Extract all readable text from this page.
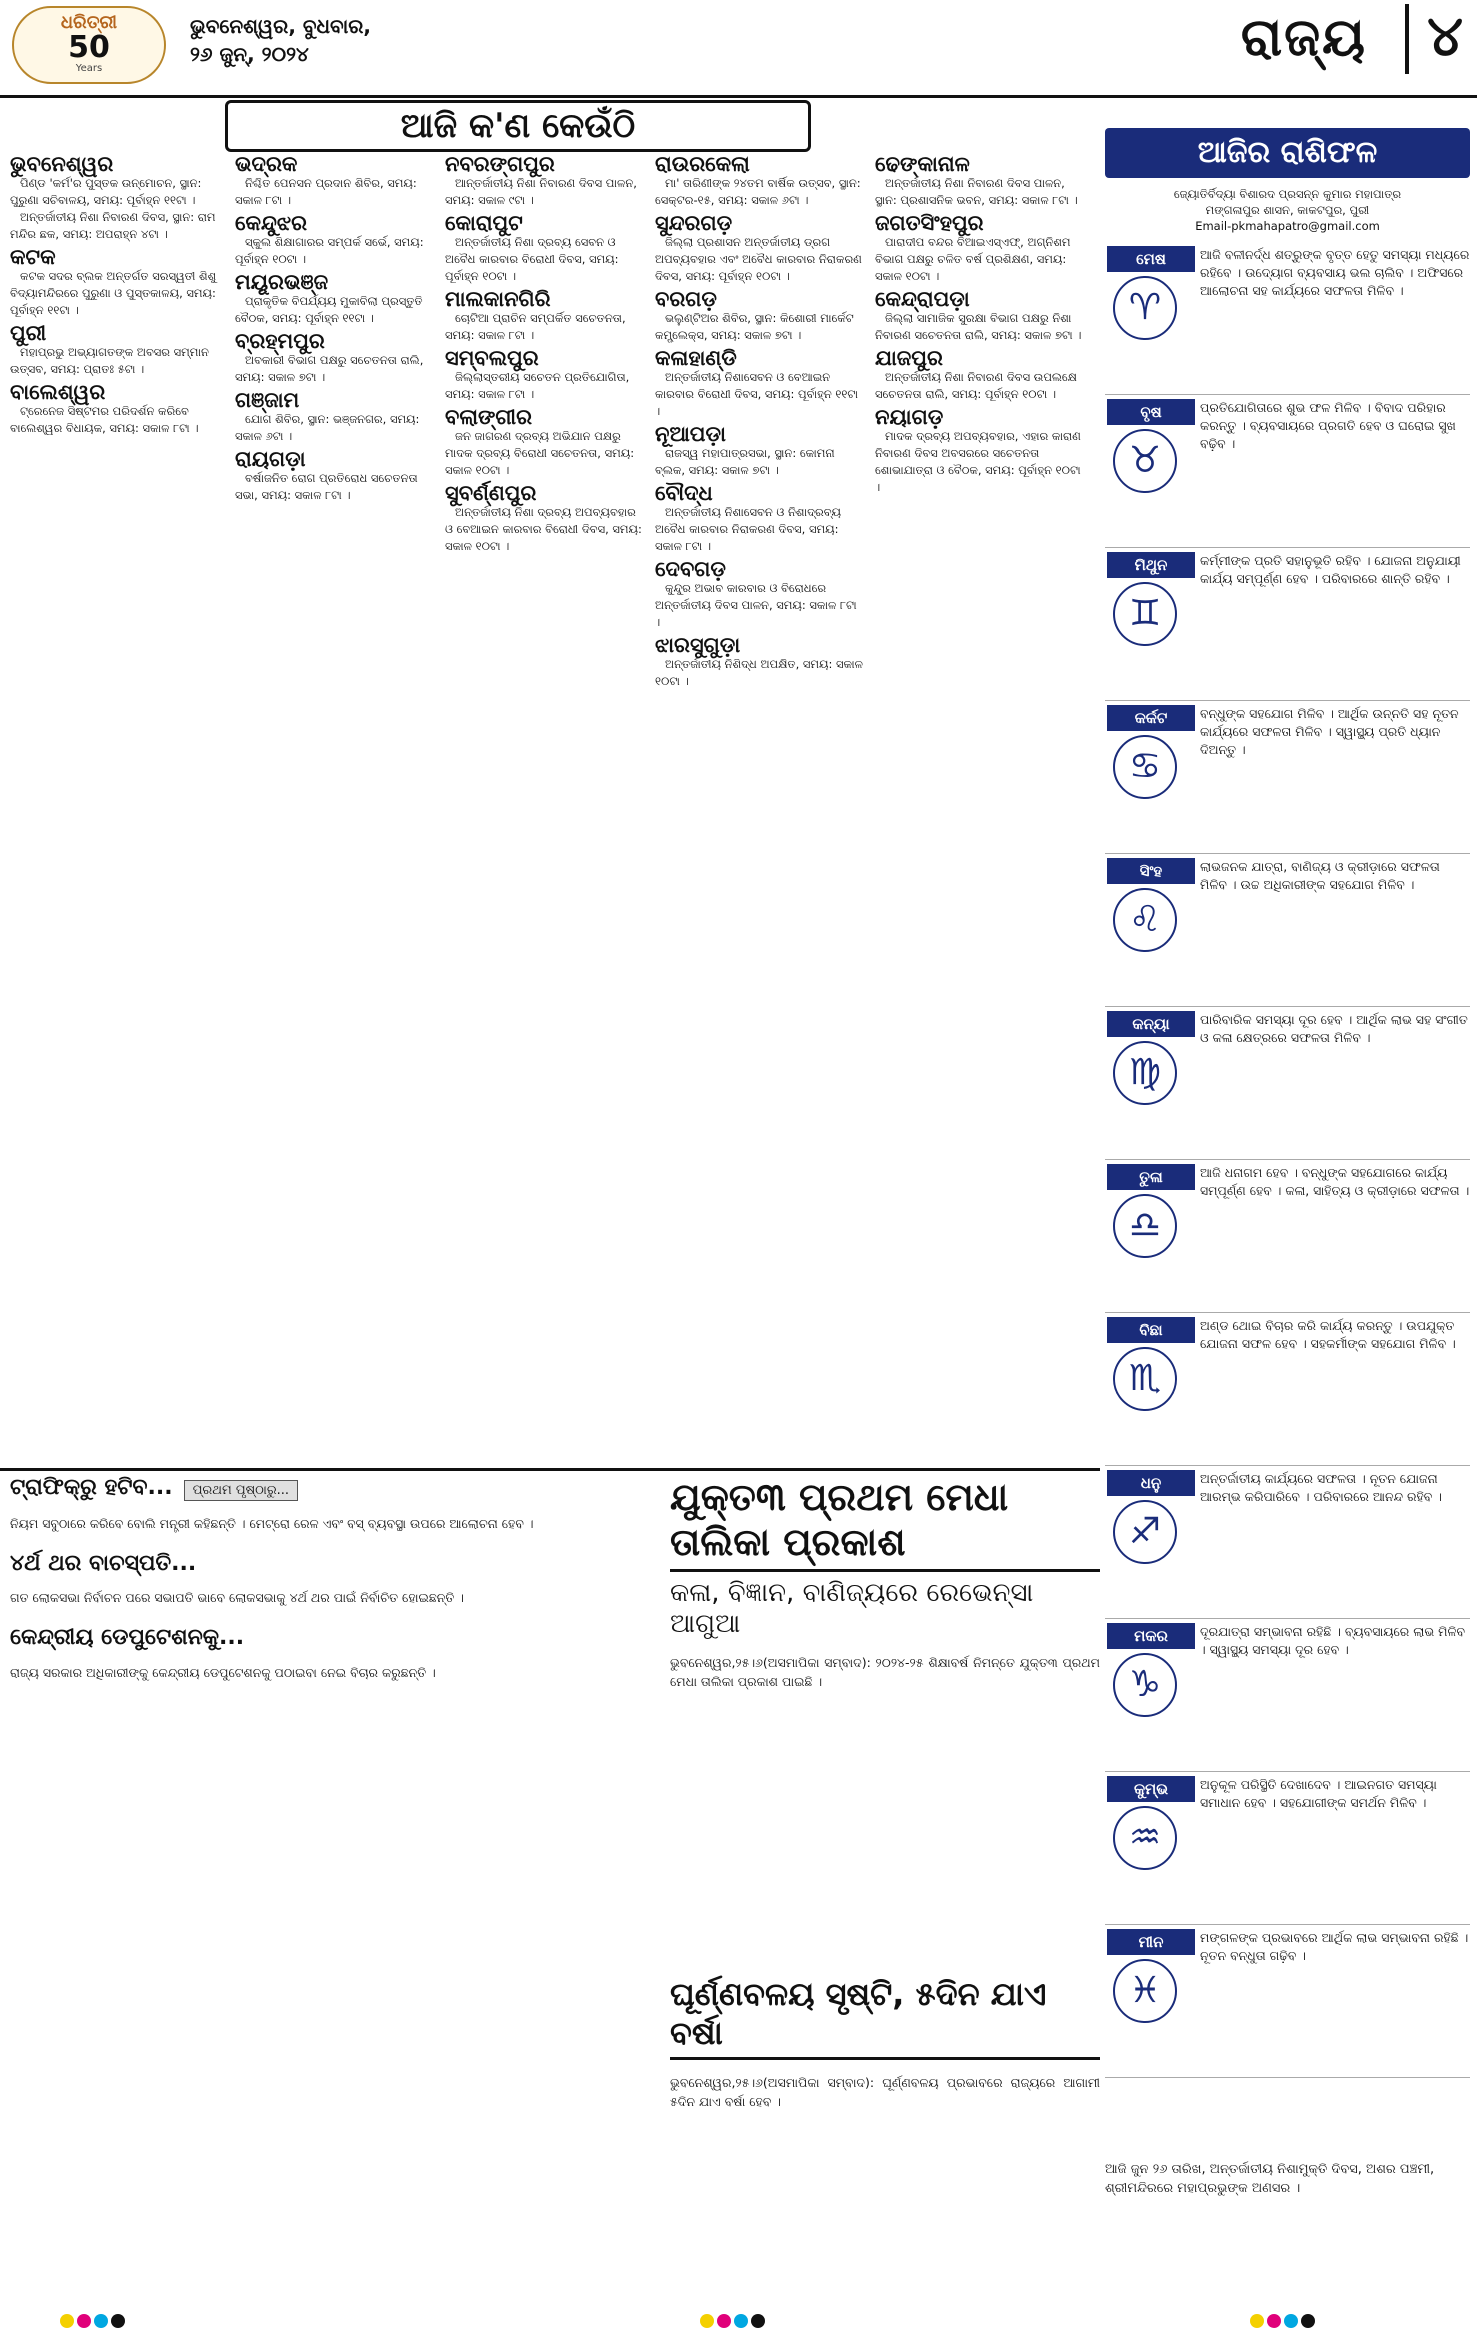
ଧରିତ୍ରୀ
50
Years
ଭୁବନେଶ୍ୱର, ବୁଧବାର,
୨୬ ଜୁନ୍, ୨୦୨୪	ରାଜ୍ୟ	୪
ଆଜି କ'ଣ କେଉଁଠି
ଭୁବନେଶ୍ୱର

ପିଣ୍ଡ 'କର୍ମ'ର ପୁସ୍ତକ ଉନ୍ମୋଚନ, ସ୍ଥାନ: ପୁରୁଣା ସଚିବାଳୟ, ସମୟ: ପୂର୍ବାହ୍ନ ୧୧ଟା ।

ଅନ୍ତର୍ଜାତୀୟ ନିଶା ନିବାରଣ ଦିବସ, ସ୍ଥାନ: ରାମ ମନ୍ଦିର ଛକ, ସମୟ: ଅପରାହ୍ନ ୪ଟା ।

କଟକ

କଟକ ସଦର ବ୍ଲକ ଅନ୍ତର୍ଗତ ସରସ୍ୱତୀ ଶିଶୁ ବିଦ୍ୟାମନ୍ଦିରରେ ପୁରୁଣା ଓ ପୁସ୍ତକାଳୟ, ସମୟ: ପୂର୍ବାହ୍ନ ୧୧ଟା ।

ପୁରୀ

ମହାପ୍ରଭୁ ଅଭ୍ୟାଗତଙ୍କ ଅବସର ସମ୍ମାନ ଉତ୍ସବ, ସମୟ: ପ୍ରାତଃ ୫ଟା ।

ବାଲେଶ୍ୱର

ଟ୍ରେନେଜ ସିଷ୍ଟମର ପରିଦର୍ଶନ କରିବେ ବାଲେଶ୍ୱର ବିଧାୟକ, ସମୟ: ସକାଳ ୮ଟା ।

ଭଦ୍ରକ

ନିଶ୍ଚିତ ପେନସନ ପ୍ରଦାନ ଶିବିର, ସମୟ: ସକାଳ ୮ଟା ।

କେନ୍ଦୁଝର

ସ୍କୁଲ ଶିକ୍ଷାଗାରର ସମ୍ପର୍କ ସର୍ଭେ, ସମୟ: ପୂର୍ବାହ୍ନ ୧୦ଟା ।

ମୟୂରଭଞ୍ଜ

ପ୍ରାକୃତିକ ବିପର୍ଯ୍ୟୟ ମୁକାବିଲା ପ୍ରସ୍ତୁତି ବୈଠକ, ସମୟ: ପୂର୍ବାହ୍ନ ୧୧ଟା ।

ବ୍ରହ୍ମପୁର

ଅବକାରୀ ବିଭାଗ ପକ୍ଷରୁ ସଚେତନତା ରାଲି, ସମୟ: ସକାଳ ୭ଟା ।

ଗଞ୍ଜାମ

ଯୋଗ ଶିବିର, ସ୍ଥାନ: ଭଞ୍ଜନଗର, ସମୟ: ସକାଳ ୬ଟା ।

ରାୟଗଡ଼ା

ବର୍ଷାଜନିତ ରୋଗ ପ୍ରତିରୋଧ ସଚେତନତା ସଭା, ସମୟ: ସକାଳ ୮ଟା ।

ନବରଙ୍ଗପୁର

ଆନ୍ତର୍ଜାତୀୟ ନିଶା ନିବାରଣ ଦିବସ ପାଳନ, ସମୟ: ସକାଳ ୯ଟା ।

କୋରାପୁଟ

ଅନ୍ତର୍ଜାତୀୟ ନିଶା ଦ୍ରବ୍ୟ ସେବନ ଓ ଅବୈଧ କାରବାର ବିରୋଧୀ ଦିବସ, ସମୟ: ପୂର୍ବାହ୍ନ ୧୦ଟା ।

ମାଲକାନଗିରି

ଚୋଟିଆ ପ୍ରାଚିନ ସମ୍ପର୍କିତ ସଚେତନତା, ସମୟ: ସକାଳ ୮ଟା ।

ସମ୍ବଲପୁର

ଜିଲ୍ଲାସ୍ତରୀୟ ସଚେତନ ପ୍ରତିଯୋଗିତା, ସମୟ: ସକାଳ ୮ଟା ।

ବଲାଙ୍ଗୀର

ଜନ ଜାଗରଣ ଦ୍ରବ୍ୟ ଅଭିଯାନ ପକ୍ଷରୁ ମାଦକ ଦ୍ରବ୍ୟ ବିରୋଧୀ ସଚେତନତା, ସମୟ: ସକାଳ ୧୦ଟା ।

ସୁବର୍ଣ୍ଣପୁର

ଅନ୍ତର୍ଜାତୀୟ ନିଶା ଦ୍ରବ୍ୟ ଅପବ୍ୟବହାର ଓ ବେଆଇନ କାରବାର ବିରୋଧୀ ଦିବସ, ସମୟ: ସକାଳ ୧୦ଟା ।

ରାଉରକେଲା

ମା' ତାରିଣୀଙ୍କ ୨୪ତମ ବାର୍ଷିକ ଉତ୍ସବ, ସ୍ଥାନ: ସେକ୍ଟର-୧୫, ସମୟ: ସକାଳ ୬ଟା ।

ସୁନ୍ଦରଗଡ଼

ଜିଲ୍ଲା ପ୍ରଶାସନ ଅନ୍ତର୍ଜାତୀୟ ଡ୍ରଗ ଅପବ୍ୟବହାର ଏବଂ ଅବୈଧ କାରବାର ନିରାକରଣ ଦିବସ, ସମୟ: ପୂର୍ବାହ୍ନ ୧୦ଟା ।

ବରଗଡ଼

ଭଲୁଣ୍ଟିଅର ଶିବିର, ସ୍ଥାନ: କିଶୋରୀ ମାର୍କେଟ କମ୍ପ୍ଲେକ୍ସ, ସମୟ: ସକାଳ ୭ଟା ।

କଳାହାଣ୍ଡି

ଅନ୍ତର୍ଜାତୀୟ ନିଶାସେବନ ଓ ବେଆଇନ କାରବାର ବିରୋଧୀ ଦିବସ, ସମୟ: ପୂର୍ବାହ୍ନ ୧୧ଟା ।

ନୂଆପଡ଼ା

ରାଜସ୍ୱ ମହାପାତ୍ରସଭା, ସ୍ଥାନ: କୋମନା ବ୍ଲକ, ସମୟ: ସକାଳ ୭ଟା ।

ବୌଦ୍ଧ

ଅନ୍ତର୍ଜାତୀୟ ନିଶାସେବନ ଓ ନିଶାଦ୍ରବ୍ୟ ଅବୈଧ କାରବାର ନିରାକରଣ ଦିବସ, ସମୟ: ସକାଳ ୮ଟା ।

ଦେବଗଡ଼

କୁନ୍ଦୁର ଅଭାବ କାରବାର ଓ ବିରୋଧରେ ଅନ୍ତର୍ଜାତୀୟ ଦିବସ ପାଳନ, ସମୟ: ସକାଳ ୮ଟା ।

ଝାରସୁଗୁଡ଼ା

ଅନ୍ତର୍ଜାତୀୟ ନିଶିଦ୍ଧ ଅପକ୍ଷିତ, ସମୟ: ସକାଳ ୧୦ଟା ।

ଢେଙ୍କାନାଳ

ଅନ୍ତର୍ଜାତୀୟ ନିଶା ନିବାରଣ ଦିବସ ପାଳନ, ସ୍ଥାନ: ପ୍ରଶାସନିକ ଭବନ, ସମୟ: ସକାଳ ୮ଟା ।

ଜଗତସିଂହପୁର

ପାରାଦୀପ ବନ୍ଦର ବିଆଇଏସ୍ଏଫ୍, ଅଗ୍ନିଶମ ବିଭାଗ ପକ୍ଷରୁ ଚଳିତ ବର୍ଷ ପ୍ରଶିକ୍ଷଣ, ସମୟ: ସକାଳ ୧୦ଟା ।

କେନ୍ଦ୍ରାପଡ଼ା

ଜିଲ୍ଲା ସାମାଜିକ ସୁରକ୍ଷା ବିଭାଗ ପକ୍ଷରୁ ନିଶା ନିବାରଣ ସଚେତନତା ରାଲି, ସମୟ: ସକାଳ ୭ଟା ।

ଯାଜପୁର

ଅନ୍ତର୍ଜାତୀୟ ନିଶା ନିବାରଣ ଦିବସ ଉପଲକ୍ଷେ ସଚେତନତା ରାଲି, ସମୟ: ପୂର୍ବାହ୍ନ ୧୦ଟା ।

ନୟାଗଡ଼

ମାଦକ ଦ୍ରବ୍ୟ ଅପବ୍ୟବହାର, ଏହାର କାରାଣ ନିବାରଣ ଦିବସ ଅବସରରେ ସଚେତନତା ଶୋଭାଯାତ୍ରା ଓ ବୈଠକ, ସମୟ: ପୂର୍ବାହ୍ନ ୧୦ଟା ।

ଆଜିର ରାଶିଫଳ
ଜ୍ୟୋତିର୍ବିଦ୍ୟା ବିଶାରଦ ପ୍ରସନ୍ନ କୁମାର ମହାପାତ୍ର
ମଙ୍ଗଳାପୁର ଶାସନ, କାକଟପୁର, ପୁରୀ
Email-pkmahapatro@gmail.com
ମେଷ
♈
ଆଜି ବଳୀନର୍ଦ୍ଧ ଶତ୍ରୁଙ୍କ ବୃତ୍ତ ହେତୁ ସମସ୍ୟା ମଧ୍ୟରେ ରହିବେ । ଉଦ୍ୟୋଗ ବ୍ୟବସାୟ ଭଲ ଚାଲିବ । ଅଫିସରେ ଆଲୋଚନା ସହ କାର୍ଯ୍ୟରେ ସଫଳତା ମିଳିବ ।
ବୃଷ
♉
ପ୍ରତିଯୋଗିତାରେ ଶୁଭ ଫଳ ମିଳିବ । ବିବାଦ ପରିହାର କରନ୍ତୁ । ବ୍ୟବସାୟରେ ପ୍ରଗତି ହେବ ଓ ଘରୋଇ ସୁଖ ବଢ଼ିବ ।
ମିଥୁନ
♊
କର୍ମ୍ମୀଙ୍କ ପ୍ରତି ସହାନୁଭୂତି ରହିବ । ଯୋଜନା ଅନୁଯାୟୀ କାର୍ଯ୍ୟ ସମ୍ପୂର୍ଣ୍ଣ ହେବ । ପରିବାରରେ ଶାନ୍ତି ରହିବ ।
କର୍କଟ
♋
ବନ୍ଧୁଙ୍କ ସହଯୋଗ ମିଳିବ । ଆର୍ଥିକ ଉନ୍ନତି ସହ ନୂତନ କାର୍ଯ୍ୟରେ ସଫଳତା ମିଳିବ । ସ୍ୱାସ୍ଥ୍ୟ ପ୍ରତି ଧ୍ୟାନ ଦିଅନ୍ତୁ ।
ସିଂହ
♌
ଲାଭଜନକ ଯାତ୍ରା, ବାଣିଜ୍ୟ ଓ କ୍ରୀଡ଼ାରେ ସଫଳତା ମିଳିବ । ଉଚ୍ଚ ଅଧିକାରୀଙ୍କ ସହଯୋଗ ମିଳିବ ।
କନ୍ୟା
♍
ପାରିବାରିକ ସମସ୍ୟା ଦୂର ହେବ । ଆର୍ଥିକ ଲାଭ ସହ ସଂଗୀତ ଓ କଳା କ୍ଷେତ୍ରରେ ସଫଳତା ମିଳିବ ।
ତୁଳା
♎
ଆଜି ଧନାଗମ ହେବ । ବନ୍ଧୁଙ୍କ ସହଯୋଗରେ କାର୍ଯ୍ୟ ସମ୍ପୂର୍ଣ୍ଣ ହେବ । କଳା, ସାହିତ୍ୟ ଓ କ୍ରୀଡ଼ାରେ ସଫଳତା ।
ବିଛା
♏
ଅଣ୍ଡ ଥୋଇ ବିଚାର କରି କାର୍ଯ୍ୟ କରନ୍ତୁ । ଉପଯୁକ୍ତ ଯୋଜନା ସଫଳ ହେବ । ସହକର୍ମୀଙ୍କ ସହଯୋଗ ମିଳିବ ।
ଧନୁ
♐
ଅନ୍ତର୍ଜାତୀୟ କାର୍ଯ୍ୟରେ ସଫଳତା । ନୂତନ ଯୋଜନା ଆରମ୍ଭ କରିପାରିବେ । ପରିବାରରେ ଆନନ୍ଦ ରହିବ ।
ମକର
♑
ଦୂରଯାତ୍ରା ସମ୍ଭାବନା ରହିଛି । ବ୍ୟବସାୟରେ ଲାଭ ମିଳିବ । ସ୍ୱାସ୍ଥ୍ୟ ସମସ୍ୟା ଦୂର ହେବ ।
କୁମ୍ଭ
♒
ଅନୁକୂଳ ପରିସ୍ଥିତି ଦେଖାଦେବ । ଆଇନଗତ ସମସ୍ୟା ସମାଧାନ ହେବ । ସହଯୋଗୀଙ୍କ ସମର୍ଥନ ମିଳିବ ।
ମୀନ
♓
ମଙ୍ଗଳଙ୍କ ପ୍ରଭାବରେ ଆର୍ଥିକ ଲାଭ ସମ୍ଭାବନା ରହିଛି । ନୂତନ ବନ୍ଧୁତା ଗଢ଼ିବ ।
ଟ୍ରାଫିକ୍‌ରୁ ହଟିବ... ପ୍ରଥମ ପୃଷ୍ଠାରୁ...

ନିୟମ ସବୁଠାରେ କରିବେ ବୋଲି ମନ୍ତ୍ରୀ କହିଛନ୍ତି । ମେଟ୍ରୋ ରେଳ ଏବଂ ବସ୍ ବ୍ୟବସ୍ଥା ଉପରେ ଆଲୋଚନା ହେବ ।

୪ର୍ଥ ଥର ବାଚସ୍ପତି...

ଗତ ଲୋକସଭା ନିର୍ବାଚନ ପରେ ସଭାପତି ଭାବେ ଲୋକସଭାକୁ ୪ର୍ଥ ଥର ପାଇଁ ନିର୍ବାଚିତ ହୋଇଛନ୍ତି ।

କେନ୍ଦ୍ରୀୟ ଡେପୁଟେଶନକୁ...

ରାଜ୍ୟ ସରକାର ଅଧିକାରୀଙ୍କୁ କେନ୍ଦ୍ରୀୟ ଡେପୁଟେଶନକୁ ପଠାଇବା ନେଇ ବିଚାର କରୁଛନ୍ତି ।

ଯୁକ୍ତ୩ ପ୍ରଥମ ମେଧା ତାଲିକା ପ୍ରକାଶ
କଳା, ବିଜ୍ଞାନ, ବାଣିଜ୍ୟରେ ରେଭେନ୍ସା ଆଗୁଆ

ଭୁବନେଶ୍ୱର,୨୫।୬(ଅସମାପିକା ସମ୍ବାଦ): ୨୦୨୪-୨୫ ଶିକ୍ଷାବର୍ଷ ନିମନ୍ତେ ଯୁକ୍ତ୩ ପ୍ରଥମ ମେଧା ତାଲିକା ପ୍ରକାଶ ପାଇଛି ।

ଘୂର୍ଣ୍ଣବଳୟ ସୃଷ୍ଟି, ୫ଦିନ ଯାଏ ବର୍ଷା

ଭୁବନେଶ୍ୱର,୨୫।୬(ଅସମାପିକା ସମ୍ବାଦ): ଘୂର୍ଣ୍ଣବଳୟ ପ୍ରଭାବରେ ରାଜ୍ୟରେ ଆଗାମୀ ୫ଦିନ ଯାଏ ବର୍ଷା ହେବ ।

ଆଜି ଜୁନ ୨୬ ତାରିଖ, ଅନ୍ତର୍ଜାତୀୟ ନିଶାମୁକ୍ତି ଦିବସ, ଅଶର ପଞ୍ଚମୀ, ଶ୍ରୀମନ୍ଦିରରେ ମହାପ୍ରଭୁଙ୍କ ଅଣସର ।
